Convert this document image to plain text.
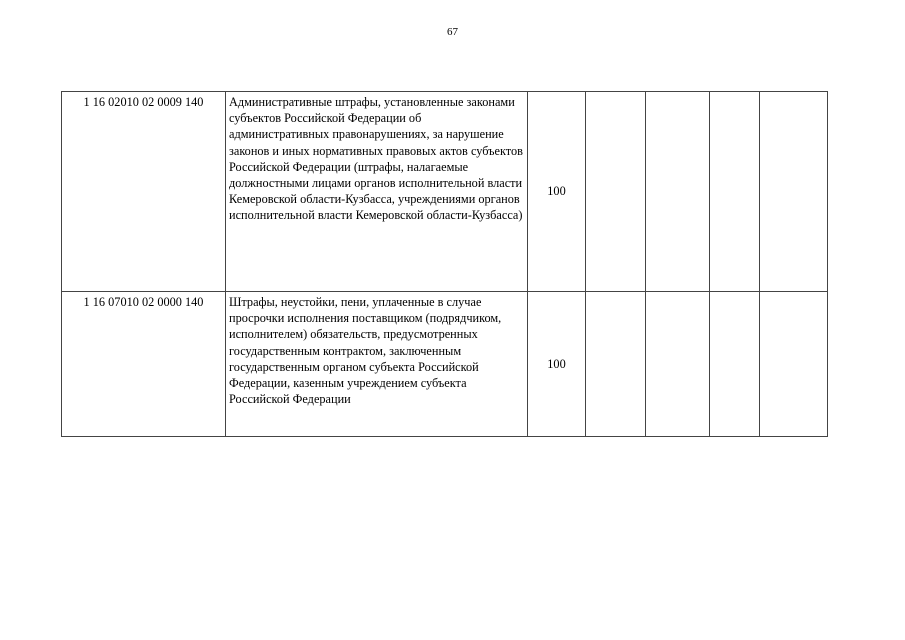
67
1 16 02010 02 0009 140	Административные штрафы, установленные законами субъектов Российской Федерации об административных правонарушениях, за нарушение законов и иных нормативных правовых актов субъектов Российской Федерации (штрафы, налагаемые должностными лицами органов исполнительной власти Кемеровской области-Кузбасса, учреждениями органов исполнительной власти Кемеровской области-Кузбасса)	100				
1 16 07010 02 0000 140	Штрафы, неустойки, пени, уплаченные в случае просрочки исполнения поставщиком (подрядчиком, исполнителем) обязательств, предусмотренных государственным контрактом, заключенным государственным органом субъекта Российской Федерации, казенным учреждением субъекта Российской Федерации	100				
